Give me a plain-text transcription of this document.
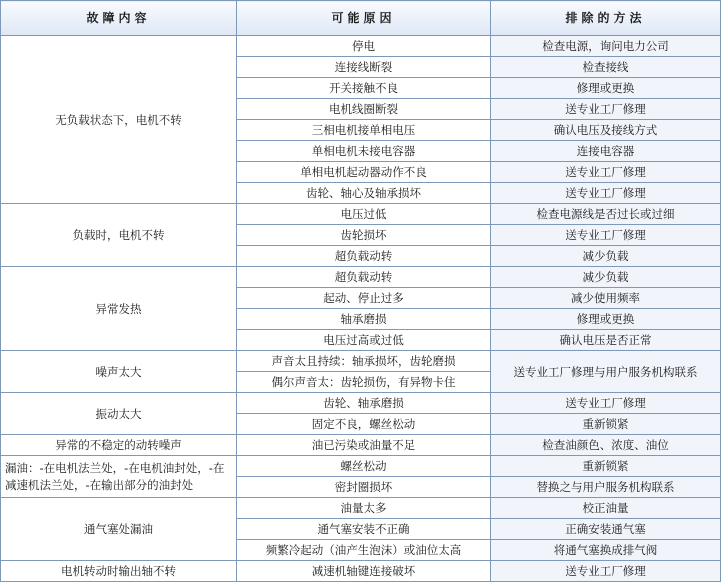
故障内容	可能原因	排除的方法
无负载状态下，电机不转	停电	检查电源，询问电力公司
	连接线断裂	检查接线
	开关接触不良	修理或更换
	电机线圈断裂	送专业工厂修理
	三相电机接单相电压	确认电压及接线方式
	单相电机未接电容器	连接电容器
	单相电机起动器动作不良	送专业工厂修理
	齿轮、轴心及轴承损坏	送专业工厂修理
负载时，电机不转	电压过低	检查电源线是否过长或过细
	齿轮损坏	送专业工厂修理
	超负载动转	减少负载
异常发热	超负载动转	减少负载
	起动、停止过多	减少使用频率
	轴承磨损	修理或更换
	电压过高或过低	确认电压是否正常
噪声太大	声音太且持续：轴承损坏，齿轮磨损	送专业工厂修理与用户服务机构联系
	偶尔声音太：齿轮损伤，有异物卡住	
振动太大	齿轮、轴承磨损	送专业工厂修理
	固定不良，螺丝松动	重新锁紧
异常的不稳定的动转噪声	油已污染或油量不足	检查油颜色、浓度、油位
漏油：-在电机法兰处，-在电机油封处，-在减速机法兰处，-在输出部分的油封处	螺丝松动	重新锁紧
	密封圈损坏	替换之与用户服务机构联系
通气塞处漏油	油量太多	校正油量
	通气塞安装不正确	正确安装通气塞
	频繁冷起动（油产生泡沫）或油位太高	将通气塞换成排气阀
电机转动时输出轴不转	减速机轴键连接破坏	送专业工厂修理
